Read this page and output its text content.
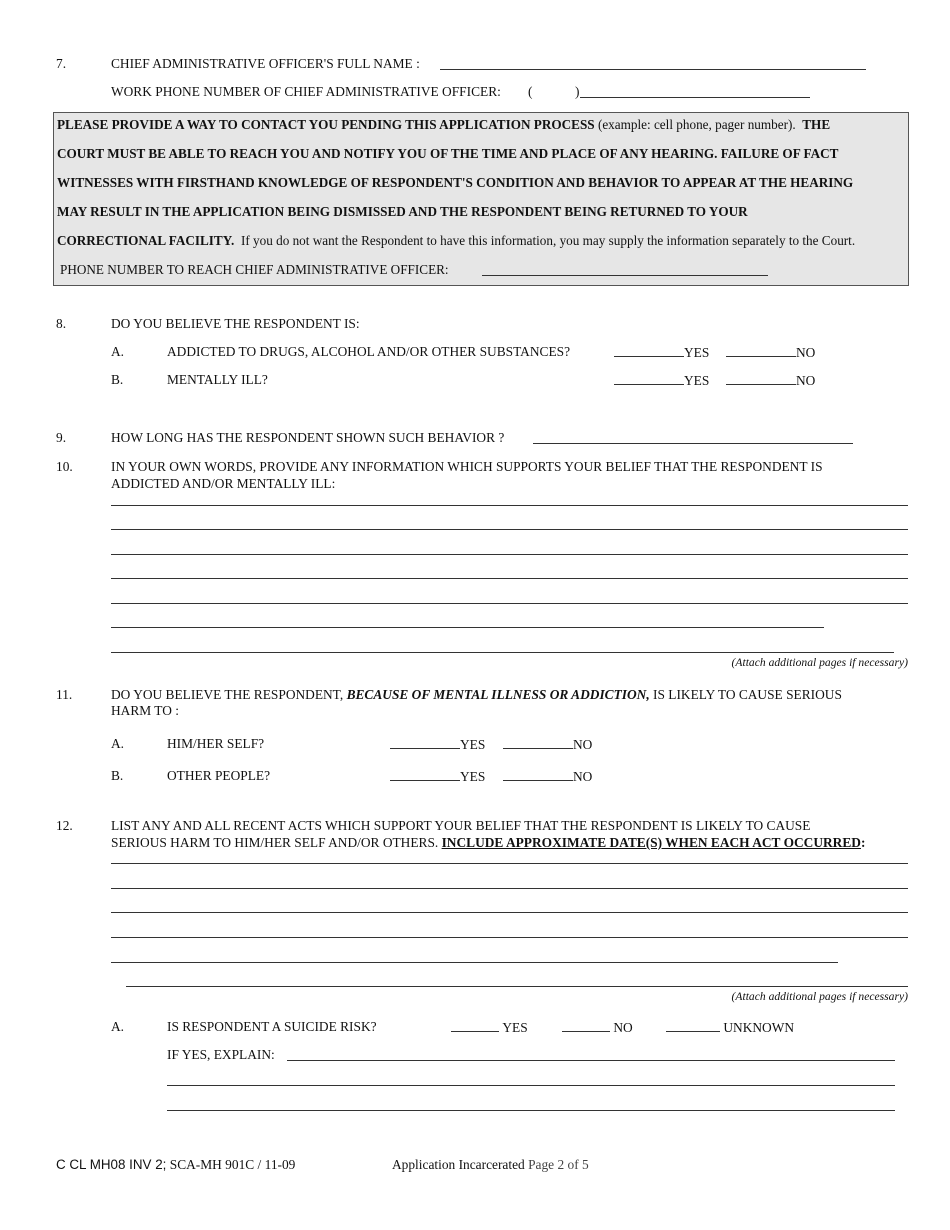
7.	CHIEF ADMINISTRATIVE OFFICER'S FULL NAME :
WORK PHONE NUMBER OF CHIEF ADMINISTRATIVE OFFICER: (	)
PLEASE PROVIDE A WAY TO CONTACT YOU PENDING THIS APPLICATION PROCESS (example: cell phone, pager number). THE
COURT MUST BE ABLE TO REACH YOU AND NOTIFY YOU OF THE TIME AND PLACE OF ANY HEARING. FAILURE OF FACT
WITNESSES WITH FIRSTHAND KNOWLEDGE OF RESPONDENT'S CONDITION AND BEHAVIOR TO APPEAR AT THE HEARING
MAY RESULT IN THE APPLICATION BEING DISMISSED AND THE RESPONDENT BEING RETURNED TO YOUR
CORRECTIONAL FACILITY. If you do not want the Respondent to have this information, you may supply the information separately to the Court.
PHONE NUMBER TO REACH CHIEF ADMINISTRATIVE OFFICER:
8.	DO YOU BELIEVE THE RESPONDENT IS:
A.	ADDICTED TO DRUGS, ALCOHOL AND/OR OTHER SUBSTANCES?	YES	NO
B.	MENTALLY ILL?	YES	NO
9.	HOW LONG HAS THE RESPONDENT SHOWN SUCH BEHAVIOR ?
10.	IN YOUR OWN WORDS, PROVIDE ANY INFORMATION WHICH SUPPORTS YOUR BELIEF THAT THE RESPONDENT IS
ADDICTED AND/OR MENTALLY ILL:
(Attach additional pages if necessary)
11.	DO YOU BELIEVE THE RESPONDENT, BECAUSE OF MENTAL ILLNESS OR ADDICTION, IS LIKELY TO CAUSE SERIOUS
HARM TO :
A.	HIM/HER SELF?	YES	NO
B.	OTHER PEOPLE?	YES	NO
12.	LIST ANY AND ALL RECENT ACTS WHICH SUPPORT YOUR BELIEF THAT THE RESPONDENT IS LIKELY TO CAUSE
SERIOUS HARM TO HIM/HER SELF AND/OR OTHERS. INCLUDE APPROXIMATE DATE(S) WHEN EACH ACT OCCURRED:
(Attach additional pages if necessary)
A.	IS RESPONDENT A SUICIDE RISK?	YES	NO	UNKNOWN
IF YES, EXPLAIN:
C CL MH08 INV 2; SCA-MH 901C / 11-09	Application Incarcerated Page 2 of 5
